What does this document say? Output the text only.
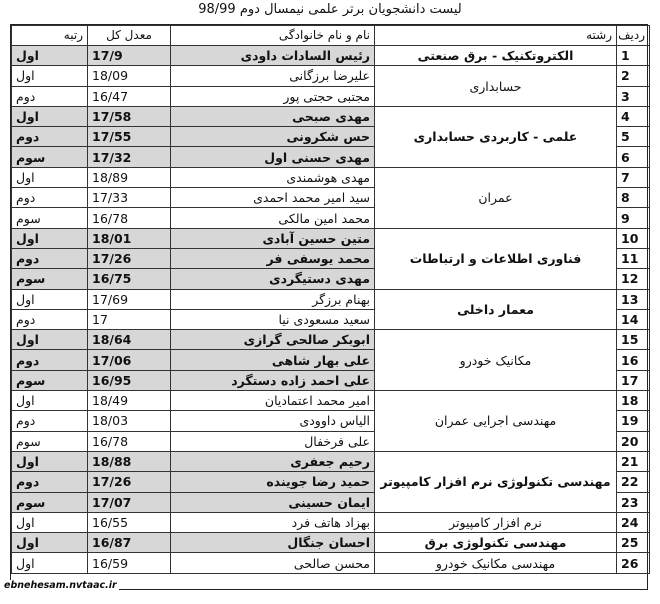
لیست دانشجویان برتر علمی نیمسال دوم 98/99
ردیف	رشته	نام و نام خانوادگی	معدل کل	رتبه
1	الکتروتکنیک - برق صنعتی	رئیس السادات داودی	17/9	اول
2	حسابداری	علیرضا برزگانی	18/09	اول
3		مجتبی حجتی پور	16/47	دوم
4	علمی - کاربردی حسابداری	مهدی صبحی	17/58	اول
5		حس شکرونی	17/55	دوم
6		مهدی حسنی اول	17/32	سوم
7	عمران	مهدی هوشمندی	18/89	اول
8		سید امیر محمد احمدی	17/33	دوم
9		محمد امین مالکی	16/78	سوم
10	فناوری اطلاعات و ارتباطات	متین حسین آبادی	18/01	اول
11		محمد یوسفی فر	17/26	دوم
12		مهدی دستیگردی	16/75	سوم
13	معمار داخلی	بهنام برزگر	17/69	اول
14		سعید مسعودی نیا	17	دوم
15	مکانیک خودرو	ابوبکر صالحی گرازی	18/64	اول
16		علی بهار شاهی	17/06	دوم
17		علی احمد زاده دستگرد	16/95	سوم
18	مهندسی اجرایی عمران	امیر محمد اعتمادیان	18/49	اول
19		الیاس داوودی	18/03	دوم
20		علی فرخفال	16/78	سوم
21	مهندسی تکنولوژی نرم افزار کامپیوتر	رحیم جعفری	18/88	اول
22		حمید رضا جوینده	17/26	دوم
23		ایمان حسینی	17/07	سوم
24	نرم افزار کامپیوتر	بهزاد هاتف فرد	16/55	اول
25	مهندسی تکنولوژی برق	احسان جنگال	16/87	اول
26	مهندسی مکانیک خودرو	محسن صالحی	16/59	اول
ebnehesam.nvtaac.ir
